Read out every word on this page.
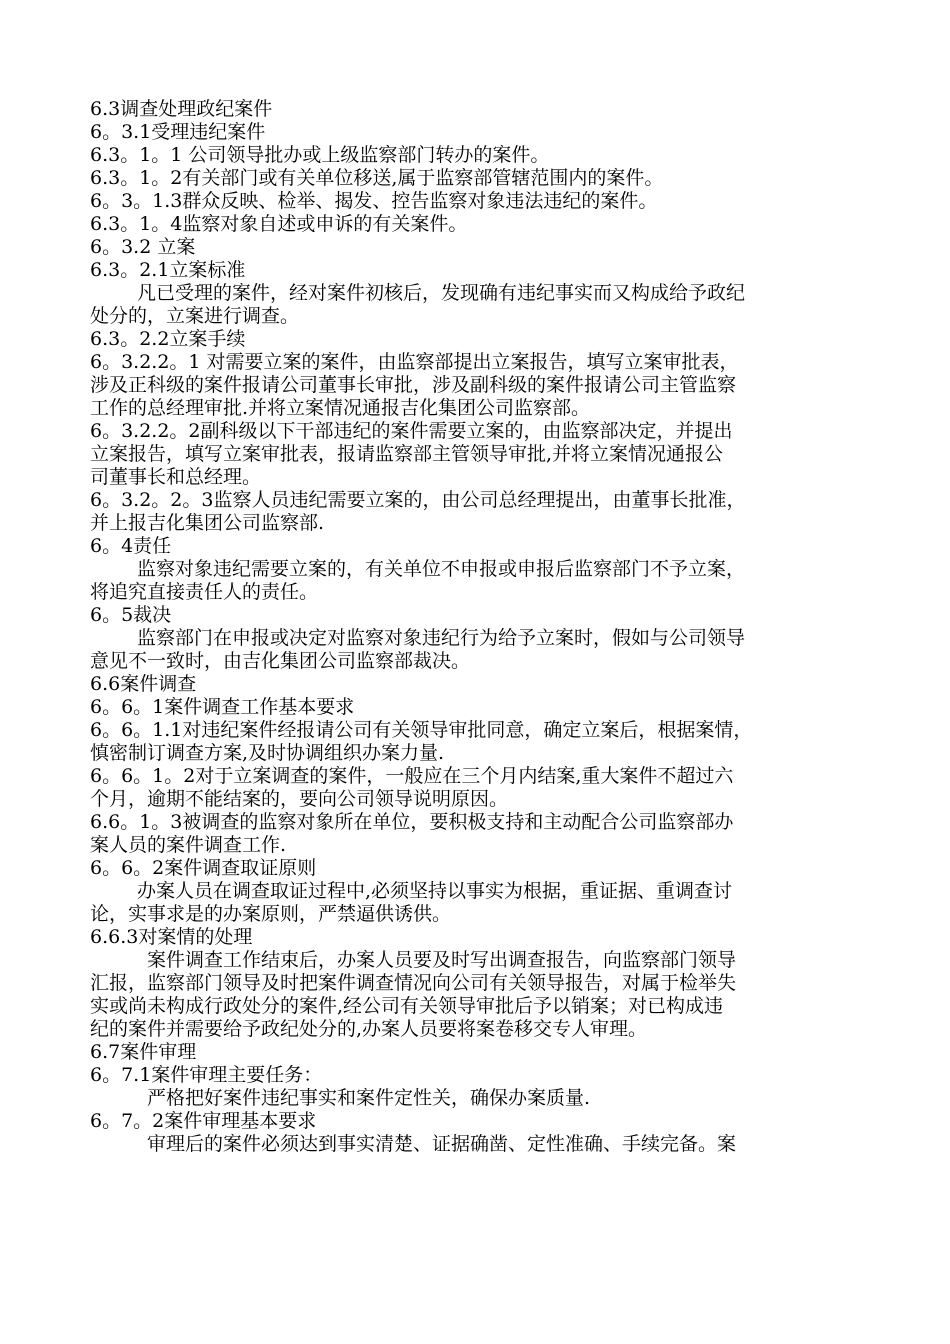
6.3调查处理政纪案件
6。3.1受理违纪案件
6.3。1。1 公司领导批办或上级监察部门转办的案件。
6.3。1。2有关部门或有关单位移送,属于监察部管辖范围内的案件。
6。3。1.3群众反映、检举、揭发、控告监察对象违法违纪的案件。
6.3。1。4监察对象自述或申诉的有关案件。
6。3.2 立案
6.3。2.1立案标准
凡已受理的案件，经对案件初核后，发现确有违纪事实而又构成给予政纪
处分的，立案进行调查。
6.3。2.2立案手续
6。3.2.2。1 对需要立案的案件，由监察部提出立案报告，填写立案审批表，
涉及正科级的案件报请公司董事长审批，涉及副科级的案件报请公司主管监察
工作的总经理审批.并将立案情况通报吉化集团公司监察部。
6。3.2.2。2副科级以下干部违纪的案件需要立案的，由监察部决定，并提出
立案报告，填写立案审批表，报请监察部主管领导审批,并将立案情况通报公
司董事长和总经理。
6。3.2。2。3监察人员违纪需要立案的，由公司总经理提出，由董事长批准，
并上报吉化集团公司监察部.
6。4责任
监察对象违纪需要立案的，有关单位不申报或申报后监察部门不予立案，
将追究直接责任人的责任。
6。5裁决
监察部门在申报或决定对监察对象违纪行为给予立案时，假如与公司领导
意见不一致时，由吉化集团公司监察部裁决。
6.6案件调查
6。6。1案件调查工作基本要求
6。6。1.1对违纪案件经报请公司有关领导审批同意，确定立案后，根据案情，
慎密制订调查方案,及时协调组织办案力量.
6。6。1。2对于立案调查的案件，一般应在三个月内结案,重大案件不超过六
个月，逾期不能结案的，要向公司领导说明原因。
6.6。1。3被调查的监察对象所在单位，要积极支持和主动配合公司监察部办
案人员的案件调查工作.
6。6。2案件调查取证原则
办案人员在调查取证过程中,必须坚持以事实为根据，重证据、重调查讨
论，实事求是的办案原则，严禁逼供诱供。
6.6.3对案情的处理
案件调查工作结束后，办案人员要及时写出调查报告，向监察部门领导
汇报，监察部门领导及时把案件调查情况向公司有关领导报告，对属于检举失
实或尚未构成行政处分的案件,经公司有关领导审批后予以销案；对已构成违
纪的案件并需要给予政纪处分的,办案人员要将案卷移交专人审理。
6.7案件审理
6。7.1案件审理主要任务：
严格把好案件违纪事实和案件定性关，确保办案质量.
6。7。2案件审理基本要求
审理后的案件必须达到事实清楚、证据确凿、定性准确、手续完备。案
